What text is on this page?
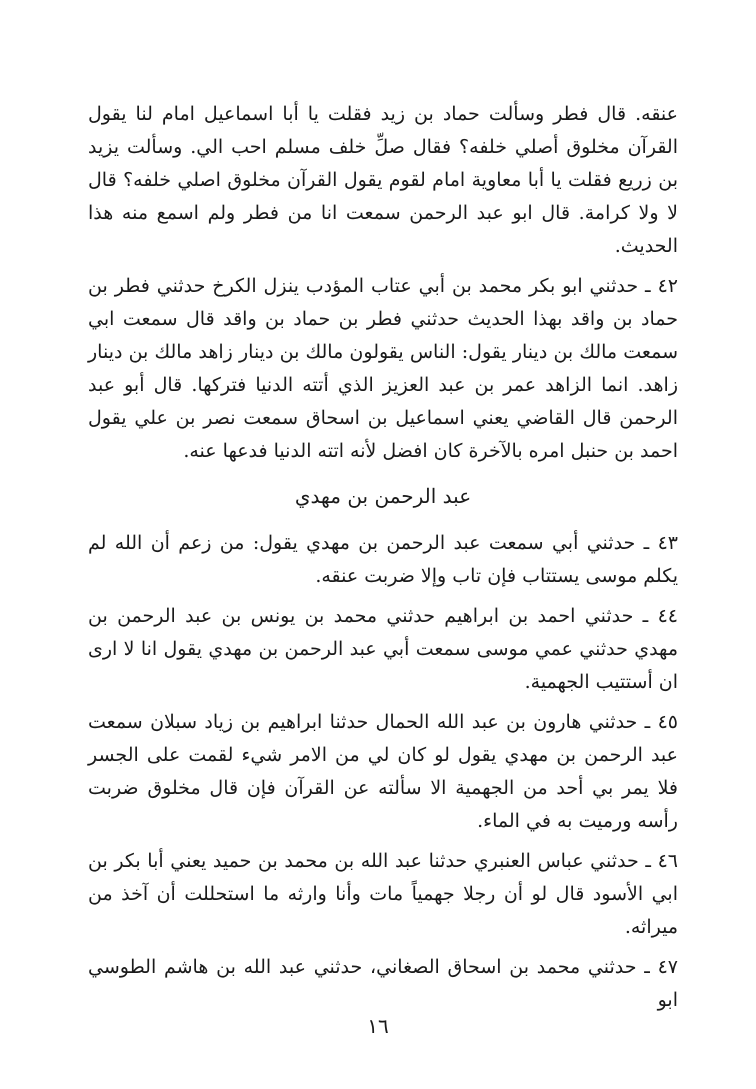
عنقه. قال فطر وسألت حماد بن زيد فقلت يا أبا اسماعيل امام لنا يقول القرآن مخلوق أصلي خلفه؟ فقال صلِّ خلف مسلم احب الي. وسألت يزيد بن زريع فقلت يا أبا معاوية امام لقوم يقول القرآن مخلوق اصلي خلفه؟ قال لا ولا كرامة. قال ابو عبد الرحمن سمعت انا من فطر ولم اسمع منه هذا الحديث.

٤٢ ـ حدثني ابو بكر محمد بن أبي عتاب المؤدب ينزل الكرخ حدثني فطر بن حماد بن واقد بهذا الحديث حدثني فطر بن حماد بن واقد قال سمعت ابي سمعت مالك بن دينار يقول: الناس يقولون مالك بن دينار زاهد مالك بن دينار زاهد. انما الزاهد عمر بن عبد العزيز الذي أتته الدنيا فتركها. قال أبو عبد الرحمن قال القاضي يعني اسماعيل بن اسحاق سمعت نصر بن علي يقول احمد بن حنبل امره بالآخرة كان افضل لأنه اتته الدنيا فدعها عنه.

عبد الرحمن بن مهدي

٤٣ ـ حدثني أبي سمعت عبد الرحمن بن مهدي يقول: من زعم أن الله لم يكلم موسى يستتاب فإن تاب وإلا ضربت عنقه.

٤٤ ـ حدثني احمد بن ابراهيم حدثني محمد بن يونس بن عبد الرحمن بن مهدي حدثني عمي موسى سمعت أبي عبد الرحمن بن مهدي يقول انا لا ارى ان أستتيب الجهمية.

٤٥ ـ حدثني هارون بن عبد الله الحمال حدثنا ابراهيم بن زياد سبلان سمعت عبد الرحمن بن مهدي يقول لو كان لي من الامر شيء لقمت على الجسر فلا يمر بي أحد من الجهمية الا سألته عن القرآن فإن قال مخلوق ضربت رأسه ورميت به في الماء.

٤٦ ـ حدثني عباس العنبري حدثنا عبد الله بن محمد بن حميد يعني أبا بكر بن ابي الأسود قال لو أن رجلا جهمياً مات وأنا وارثه ما استحللت أن آخذ من ميراثه.

٤٧ ـ حدثني محمد بن اسحاق الصغاني، حدثني عبد الله بن هاشم الطوسي ابو

١٦
